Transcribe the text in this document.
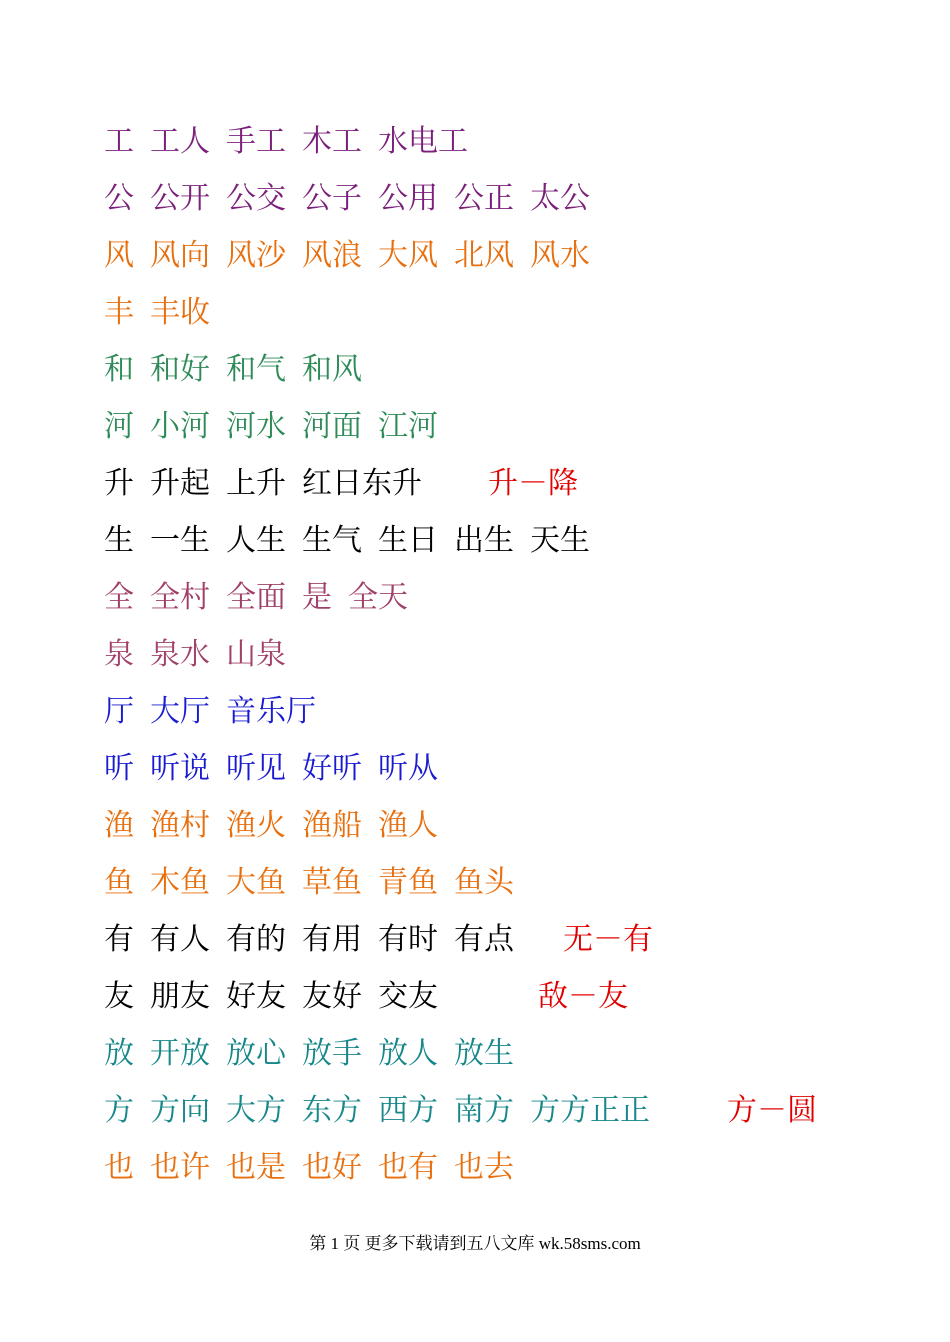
工 工人 手工 木工 水电工
公 公开 公交 公子 公用 公正 太公
风 风向 风沙 风浪 大风 北风 风水
丰 丰收
和 和好 和气 和风
河 小河 河水 河面 江河
升 升起上升 红日东升	升－降
生 一生 人生 生气 生日 出生天生
全 全村 全面 是 全天
泉 泉水 山泉
厅 大厅 音乐厅
听 听说 听见 好听 听从
渔 渔村 渔火 渔船 渔人
鱼 木鱼 大鱼 草鱼 青鱼 鱼头
有 有人 有的 有用 有时 有点	无－有
友 朋友 好友 友好 交友	敌－友
放 开放 放心 放手 放人 放生
方 方向 大方 东方 西方 南方 方方正正	方－圆
也 也许 也是 也好 也有 也去
第 1 页 更多下载请到五八文库 wk.58sms.com
